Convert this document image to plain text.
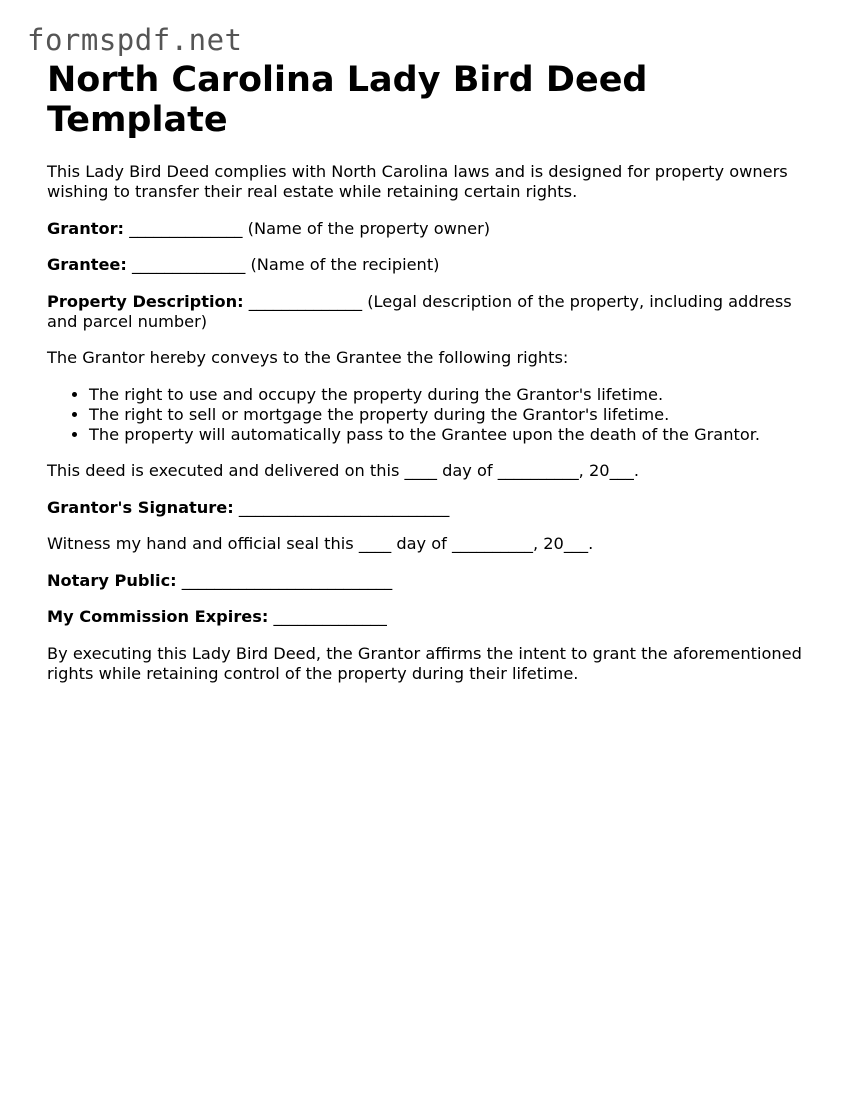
formspdf.net
North Carolina Lady Bird Deed Template

This Lady Bird Deed complies with North Carolina laws and is designed for property owners wishing to transfer their real estate while retaining certain rights.

Grantor: ______________ (Name of the property owner)

Grantee: ______________ (Name of the recipient)

Property Description: ______________ (Legal description of the property, including address and parcel number)

The Grantor hereby conveys to the Grantee the following rights:

• The right to use and occupy the property during the Grantor's lifetime.
• The right to sell or mortgage the property during the Grantor's lifetime.
• The property will automatically pass to the Grantee upon the death of the Grantor.

This deed is executed and delivered on this ____ day of __________, 20___.

Grantor's Signature: __________________________

Witness my hand and official seal this ____ day of __________, 20___.

Notary Public: __________________________

My Commission Expires: ______________

By executing this Lady Bird Deed, the Grantor affirms the intent to grant the aforementioned rights while retaining control of the property during their lifetime.
